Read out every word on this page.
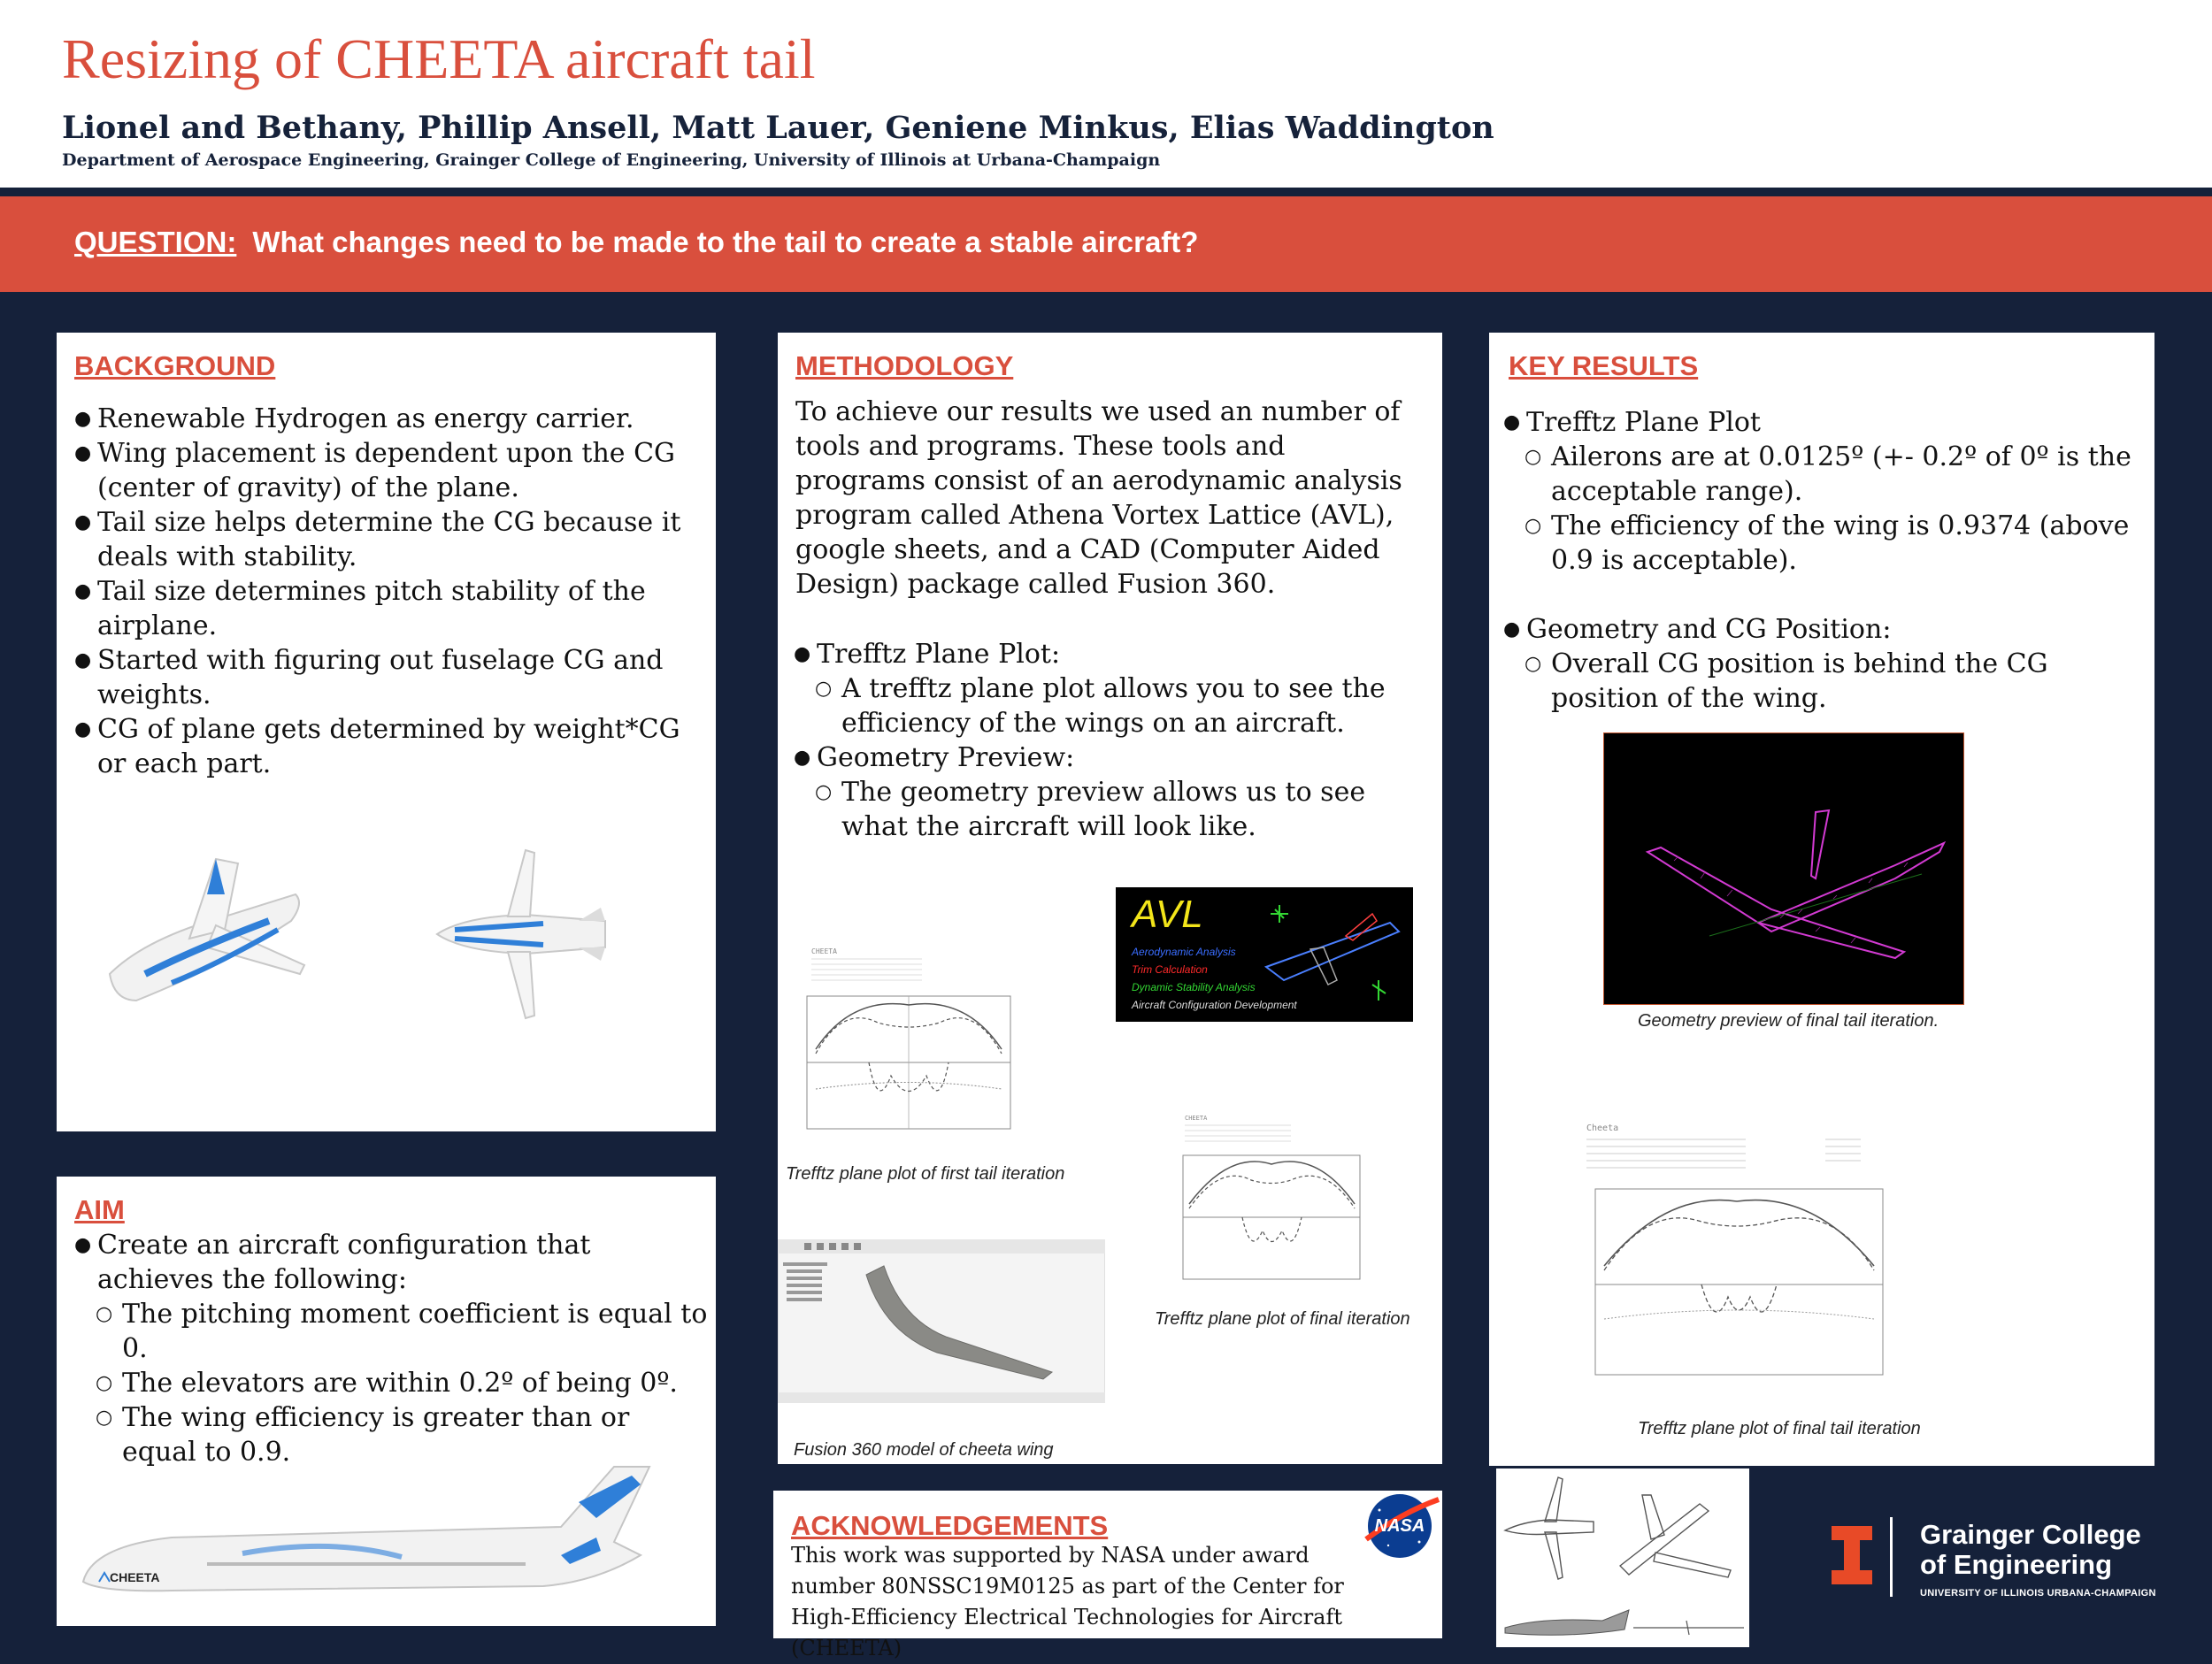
Resizing of CHEETA aircraft tail
Lionel and Bethany, Phillip Ansell, Matt Lauer, Geniene Minkus, Elias Waddington
Department of Aerospace Engineering, Grainger College of Engineering, University of Illinois at Urbana-Champaign
QUESTION: What changes need to be made to the tail to create a stable aircraft?
BACKGROUND
● Renewable Hydrogen as energy carrier.
● Wing placement is dependent upon the CG (center of gravity) of the plane.
● Tail size helps determine the CG because it deals with stability.
● Tail size determines pitch stability of the airplane.
● Started with figuring out fuselage CG and weights.
● CG of plane gets determined by weight*CG or each part.
AIM
● Create an aircraft configuration that achieves the following:
○ The pitching moment coefficient is equal to 0.
○ The elevators are within 0.2º of being 0º.
○ The wing efficiency is greater than or equal to 0.9.
CHEETA
METHODOLOGY
To achieve our results we used an number of tools and programs. These tools and programs consist of an aerodynamic analysis program called Athena Vortex Lattice (AVL), google sheets, and a CAD (Computer Aided Design) package called Fusion 360.
● Trefftz Plane Plot:
○ A trefftz plane plot allows you to see the efficiency of the wings on an aircraft.
● Geometry Preview:
○ The geometry preview allows us to see what the aircraft will look like.
AVL
Aerodynamic Analysis
Trim Calculation
Dynamic Stability Analysis
Aircraft Configuration Development
CHEETA
Trefftz plane plot of first tail iteration
CHEETA
Trefftz plane plot of final iteration
Fusion 360 model of cheeta wing
ACKNOWLEDGEMENTS
This work was supported by NASA under award number 80NSSC19M0125 as part of the Center for High-Efficiency Electrical Technologies for Aircraft (CHEETA)
NASA
KEY RESULTS
● Trefftz Plane Plot
○ Ailerons are at 0.0125º (+- 0.2º of 0º is the acceptable range).
○ The efficiency of the wing is 0.9374 (above 0.9 is acceptable).
● Geometry and CG Position:
○ Overall CG position is behind the CG position of the wing.
Geometry preview of final tail iteration.
Cheeta
Trefftz plane plot of final tail iteration
Grainger College
of Engineering
UNIVERSITY OF ILLINOIS URBANA-CHAMPAIGN
